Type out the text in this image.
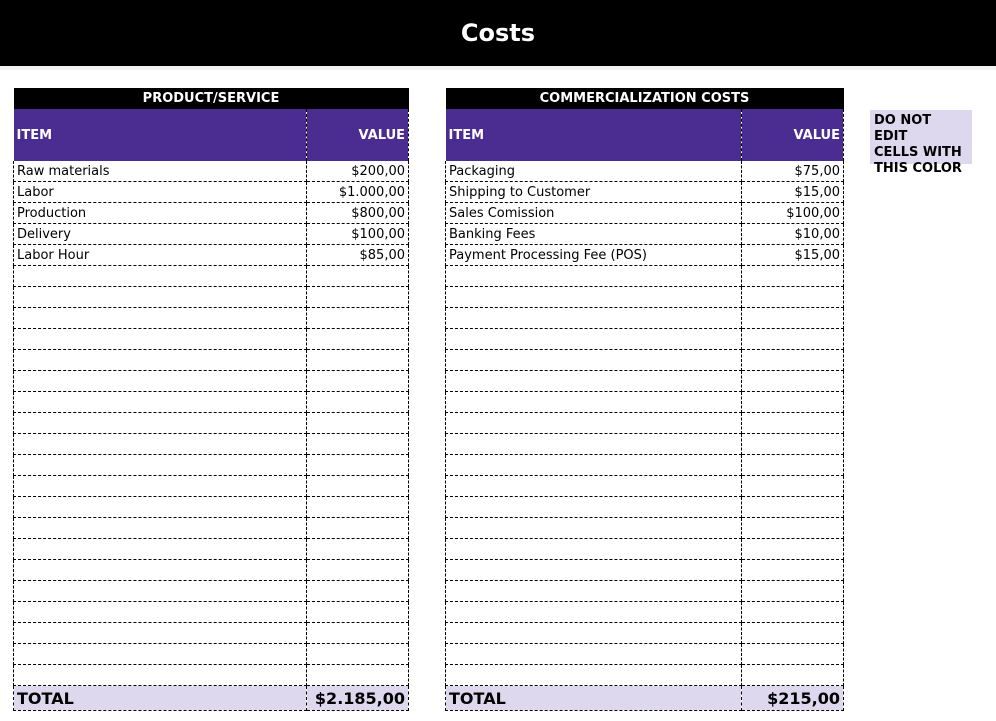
Costs
PRODUCT/SERVICE	
ITEM	VALUE
Raw materials	$200,00
Labor	$1.000,00
Production	$800,00
Delivery	$100,00
Labor Hour	$85,00

TOTAL	$2.185,00
COMMERCIALIZATION COSTS	
ITEM	VALUE
Packaging	$75,00
Shipping to Customer	$15,00
Sales Comission	$100,00
Banking Fees	$10,00
Payment Processing Fee (POS)	$15,00

TOTAL	$215,00
DO NOT EDIT
CELLS WITH
THIS COLOR
